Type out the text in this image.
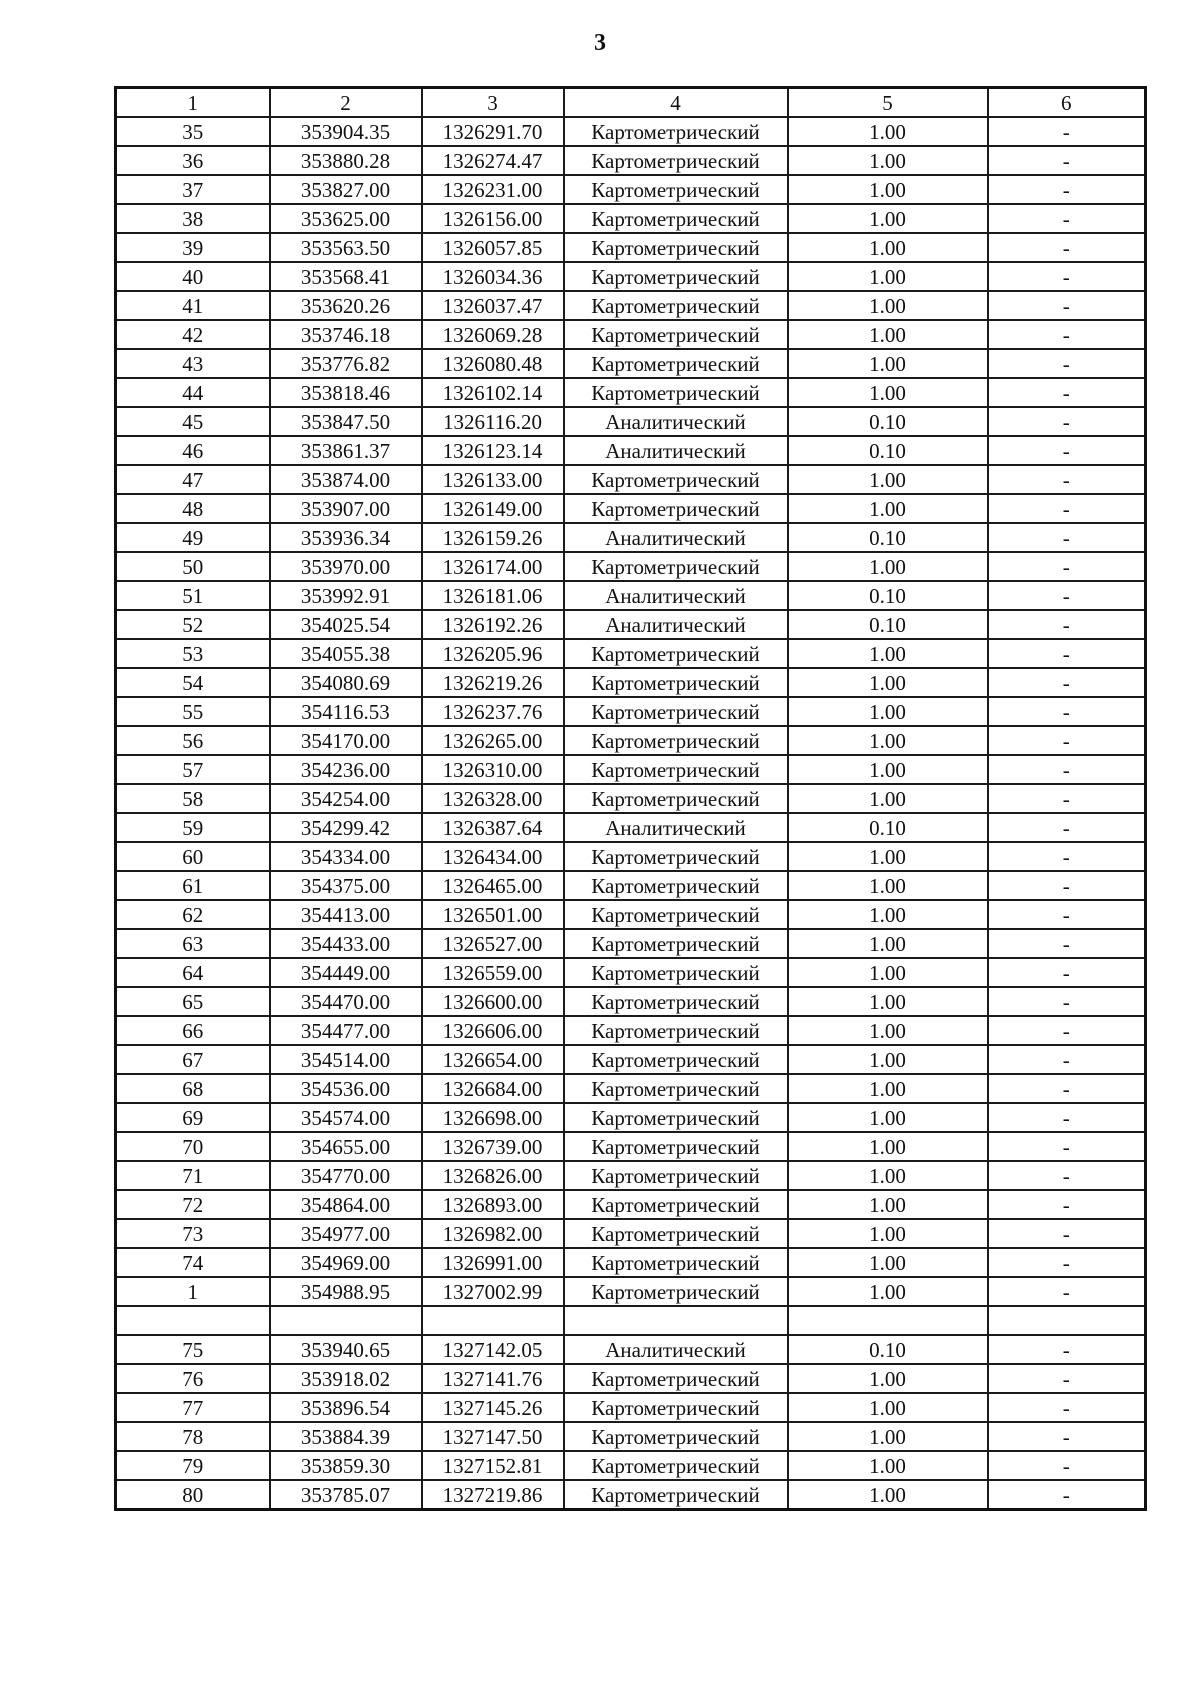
3
1	2	3	4	5	6
35	353904.35	1326291.70	Картометрический	1.00	-
36	353880.28	1326274.47	Картометрический	1.00	-
37	353827.00	1326231.00	Картометрический	1.00	-
38	353625.00	1326156.00	Картометрический	1.00	-
39	353563.50	1326057.85	Картометрический	1.00	-
40	353568.41	1326034.36	Картометрический	1.00	-
41	353620.26	1326037.47	Картометрический	1.00	-
42	353746.18	1326069.28	Картометрический	1.00	-
43	353776.82	1326080.48	Картометрический	1.00	-
44	353818.46	1326102.14	Картометрический	1.00	-
45	353847.50	1326116.20	Аналитический	0.10	-
46	353861.37	1326123.14	Аналитический	0.10	-
47	353874.00	1326133.00	Картометрический	1.00	-
48	353907.00	1326149.00	Картометрический	1.00	-
49	353936.34	1326159.26	Аналитический	0.10	-
50	353970.00	1326174.00	Картометрический	1.00	-
51	353992.91	1326181.06	Аналитический	0.10	-
52	354025.54	1326192.26	Аналитический	0.10	-
53	354055.38	1326205.96	Картометрический	1.00	-
54	354080.69	1326219.26	Картометрический	1.00	-
55	354116.53	1326237.76	Картометрический	1.00	-
56	354170.00	1326265.00	Картометрический	1.00	-
57	354236.00	1326310.00	Картометрический	1.00	-
58	354254.00	1326328.00	Картометрический	1.00	-
59	354299.42	1326387.64	Аналитический	0.10	-
60	354334.00	1326434.00	Картометрический	1.00	-
61	354375.00	1326465.00	Картометрический	1.00	-
62	354413.00	1326501.00	Картометрический	1.00	-
63	354433.00	1326527.00	Картометрический	1.00	-
64	354449.00	1326559.00	Картометрический	1.00	-
65	354470.00	1326600.00	Картометрический	1.00	-
66	354477.00	1326606.00	Картометрический	1.00	-
67	354514.00	1326654.00	Картометрический	1.00	-
68	354536.00	1326684.00	Картометрический	1.00	-
69	354574.00	1326698.00	Картометрический	1.00	-
70	354655.00	1326739.00	Картометрический	1.00	-
71	354770.00	1326826.00	Картометрический	1.00	-
72	354864.00	1326893.00	Картометрический	1.00	-
73	354977.00	1326982.00	Картометрический	1.00	-
74	354969.00	1326991.00	Картометрический	1.00	-
1	354988.95	1327002.99	Картометрический	1.00	-

75	353940.65	1327142.05	Аналитический	0.10	-
76	353918.02	1327141.76	Картометрический	1.00	-
77	353896.54	1327145.26	Картометрический	1.00	-
78	353884.39	1327147.50	Картометрический	1.00	-
79	353859.30	1327152.81	Картометрический	1.00	-
80	353785.07	1327219.86	Картометрический	1.00	-
